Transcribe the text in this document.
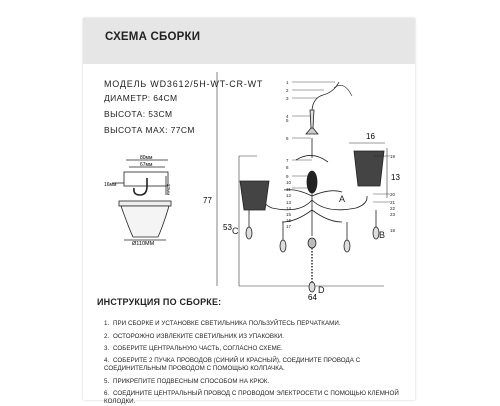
СХЕМА СБОРКИ
МОДЕЛЬ WD3612/5H-WT-CR-WT
ДИАМЕТР: 64СМ
ВЫСОТА: 53СМ
ВЫСОТА MAX: 77СМ
80мм
67мм
16мм	23мм
Ø110ММ
77
53
64
16
13
1
2
3
4
5
6
7
8
9
10
11
12
13
14
15
16
17
18
19
20
21
22
23
A
B
C
D
ИНСТРУКЦИЯ ПО СБОРКЕ:
1. ПРИ СБОРКЕ И УСТАНОВКЕ СВЕТИЛЬНИКА ПОЛЬЗУЙТЕСЬ ПЕРЧАТКАМИ.
2. ОСТОРОЖНО ИЗВЛЕКИТЕ СВЕТИЛЬНИК ИЗ УПАКОВКИ.
3. СОБЕРИТЕ ЦЕНТРАЛЬНУЮ ЧАСТЬ, СОГЛАСНО СХЕМЕ.
4. СОБЕРИТЕ 2 ПУЧКА ПРОВОДОВ (СИНИЙ И КРАСНЫЙ), СОЕДИНИТЕ ПРОВОДА С СОЕДИНИТЕЛЬНЫМ ПРОВОДОМ С ПОМОЩЬЮ КОЛПАЧКА.
5. ПРИКРЕПИТЕ ПОДВЕСНЫМ СПОСОБОМ НА КРЮК.
6. СОЕДИНИТЕ ЦЕНТРАЛЬНЫЙ ПРОВОД С ПРОВОДОМ ЭЛЕКТРОСЕТИ С ПОМОЩЬЮ КЛЕМНОЙ КОЛОДКИ.
